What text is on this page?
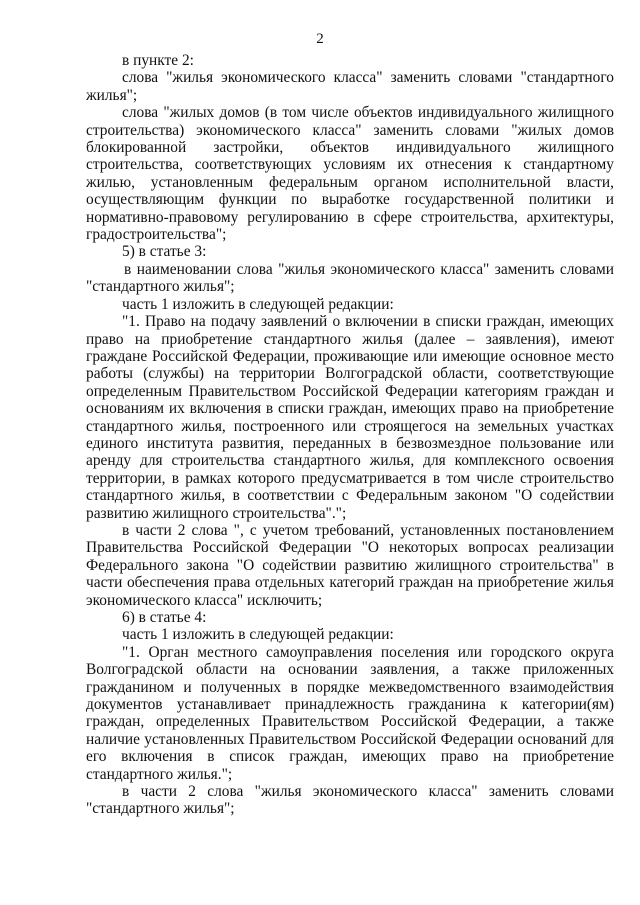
2

в пункте 2:

слова "жилья экономического класса" заменить словами "стандартного жилья";

слова "жилых домов (в том числе объектов индивидуального жилищного строительства) экономического класса" заменить словами "жилых домов блокированной застройки, объектов индивидуального жилищного строительства, соответствующих условиям их отнесения к стандартному жилью, установленным федеральным органом исполнительной власти, осуществляющим функции по выработке государственной политики и нормативно-правовому регулированию в сфере строительства, архитектуры, градостроительства";

5) в статье 3:

в наименовании слова "жилья экономического класса" заменить словами "стандартного жилья";

часть 1 изложить в следующей редакции:

"1. Право на подачу заявлений о включении в списки граждан, имеющих право на приобретение стандартного жилья (далее – заявления), имеют граждане Российской Федерации, проживающие или имеющие основное место работы (службы) на территории Волгоградской области, соответствующие определенным Правительством Российской Федерации категориям граждан и основаниям их включения в списки граждан, имеющих право на приобретение стандартного жилья, построенного или строящегося на земельных участках единого института развития, переданных в безвозмездное пользование или аренду для строительства стандартного жилья, для комплексного освоения территории, в рамках которого предусматривается в том числе строительство стандартного жилья, в соответствии с Федеральным законом "О содействии развитию жилищного строительства".";

в части 2 слова ", с учетом требований, установленных постановлением Правительства Российской Федерации "О некоторых вопросах реализации Федерального закона "О содействии развитию жилищного строительства" в части обеспечения права отдельных категорий граждан на приобретение жилья экономического класса" исключить;

6) в статье 4:

часть 1 изложить в следующей редакции:

"1. Орган местного самоуправления поселения или городского округа Волгоградской области на основании заявления, а также приложенных гражданином и полученных в порядке межведомственного взаимодействия документов устанавливает принадлежность гражданина к категории(ям) граждан, определенных Правительством Российской Федерации, а также наличие установленных Правительством Российской Федерации оснований для его включения в список граждан, имеющих право на приобретение стандартного жилья.";

в части 2 слова "жилья экономического класса" заменить словами "стандартного жилья";
